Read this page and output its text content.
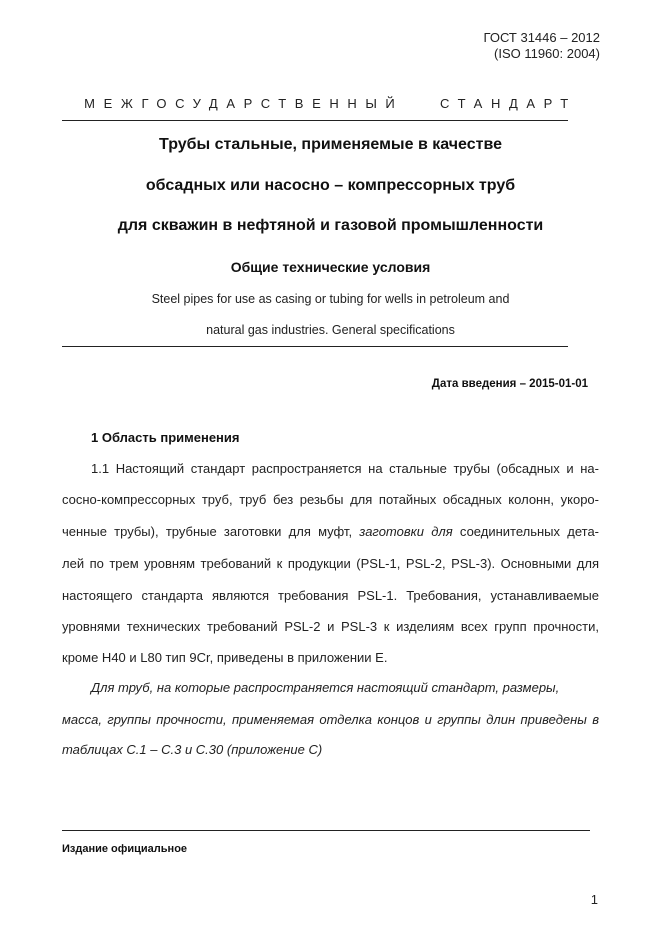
ГОСТ 31446 – 2012
(ISO 11960: 2004)
МЕЖГОСУДАРСТВЕННЫЙ   СТАНДАРТ
Трубы стальные, применяемые в качестве
обсадных или насосно – компрессорных труб
для скважин в нефтяной и газовой промышленности
Общие технические условия
Steel pipes for use as casing or tubing for wells in petroleum and
natural gas industries. General specifications
Дата введения – 2015-01-01
1 Область применения
1.1 Настоящий стандарт распространяется на стальные трубы (обсадных и на-
сосно-компрессорных труб, труб без резьбы для потайных обсадных колонн, укоро-
ченные трубы), трубные заготовки для муфт, заготовки для соединительных дета-
лей по трем уровням требований к продукции (PSL-1, PSL-2, PSL-3). Основными для
настоящего стандарта являются требования PSL-1. Требования, устанавливаемые
уровнями технических требований PSL-2 и PSL-3 к изделиям всех групп прочности,
кроме Н40 и L80 тип 9Cr, приведены в приложении Е.
Для труб, на которые распространяется настоящий стандарт, размеры,
масса, группы прочности, применяемая отделка концов и группы длин приведены в
таблицах С.1 – С.3 и С.30 (приложение С)
Издание официальное
1
